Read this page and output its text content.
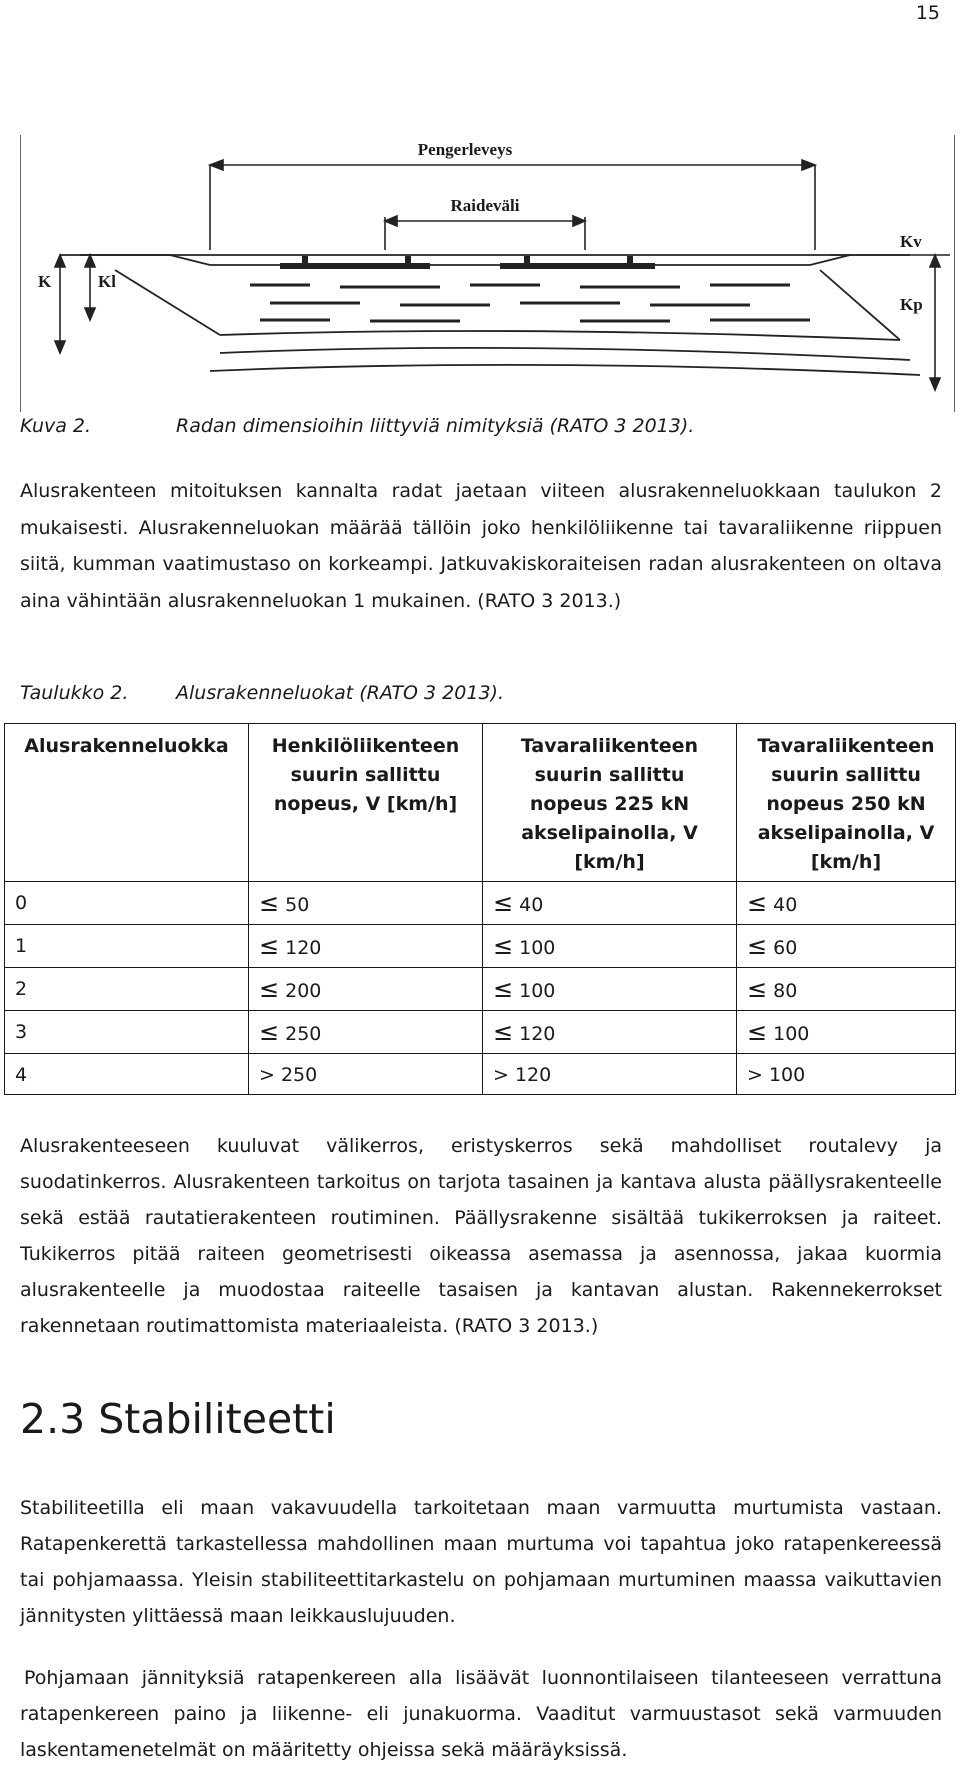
15
Pengerleveys
Raideväli
K	Kl
Kv
Kp
Kuva 2.	Radan dimensioihin liittyviä nimityksiä (RATO 3 2013).

Alusrakenteen mitoituksen kannalta radat jaetaan viiteen alusrakenneluokkaan taulukon 2 mukaisesti. Alusrakenneluokan määrää tällöin joko henkilöliikenne tai tavaraliikenne riippuen siitä, kumman vaatimustaso on korkeampi. Jatkuvakiskoraiteisen radan alusrakenteen on oltava aina vähintään alusrakenneluokan 1 mukainen. (RATO 3 2013.)

Taulukko 2.	Alusrakenneluokat (RATO 3 2013).
Alusrakenneluokka	Henkilöliikenteen suurin sallittu nopeus, V [km/h]	Tavaraliikenteen suurin sallittu nopeus 225 kN akselipainolla, V [km/h]	Tavaraliikenteen suurin sallittu nopeus 250 kN akselipainolla, V [km/h]
0	≤ 50	≤ 40	≤ 40
1	≤ 120	≤ 100	≤ 60
2	≤ 200	≤ 100	≤ 80
3	≤ 250	≤ 120	≤ 100
4	> 250	> 120	> 100

Alusrakenteeseen kuuluvat välikerros, eristyskerros sekä mahdolliset routalevy ja suodatinkerros. Alusrakenteen tarkoitus on tarjota tasainen ja kantava alusta päällysrakenteelle sekä estää rautatierakenteen routiminen. Päällysrakenne sisältää tukikerroksen ja raiteet. Tukikerros pitää raiteen geometrisesti oikeassa asemassa ja asennossa, jakaa kuormia alusrakenteelle ja muodostaa raiteelle tasaisen ja kantavan alustan. Rakennekerrokset rakennetaan routimattomista materiaaleista. (RATO 3 2013.)

2.3 Stabiliteetti

Stabiliteetilla eli maan vakavuudella tarkoitetaan maan varmuutta murtumista vastaan. Ratapenkerettä tarkastellessa mahdollinen maan murtuma voi tapahtua joko ratapenkereessä tai pohjamaassa. Yleisin stabiliteettitarkastelu on pohjamaan murtuminen maassa vaikuttavien jännitysten ylittäessä maan leikkauslujuuden.

Pohjamaan jännityksiä ratapenkereen alla lisäävät luonnontilaiseen tilanteeseen verrattuna ratapenkereen paino ja liikenne- eli junakuorma. Vaaditut varmuustasot sekä varmuuden laskentamenetelmät on määritetty ohjeissa sekä määräyksissä.
